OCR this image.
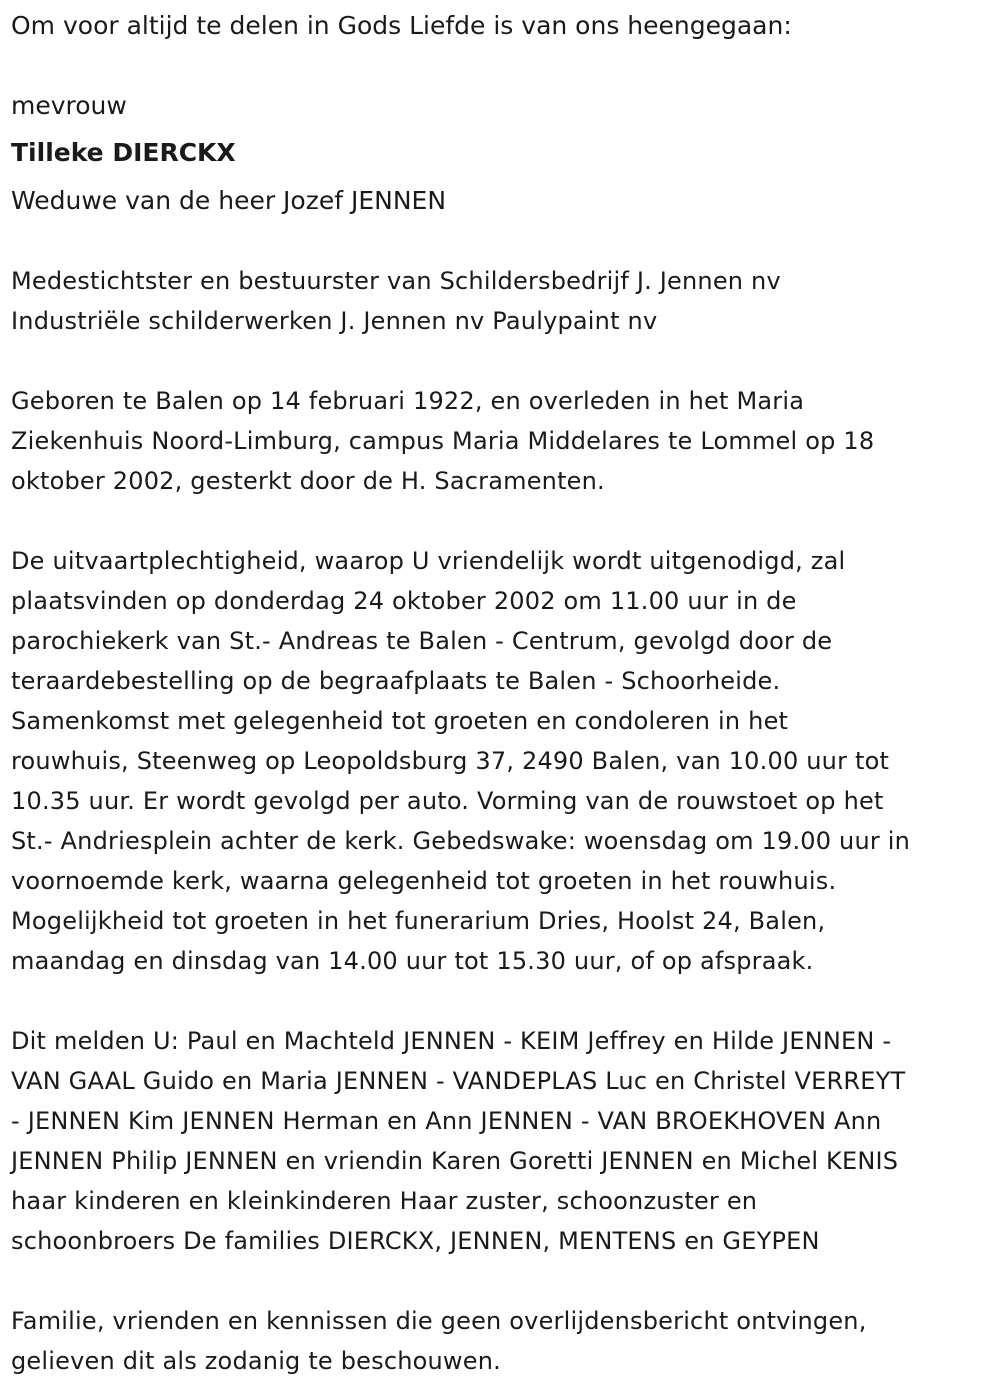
Om voor altijd te delen in Gods Liefde is van ons heengegaan:
mevrouw
Tilleke DIERCKX
Weduwe van de heer Jozef JENNEN

Medestichtster en bestuurster van Schildersbedrijf J. Jennen nv
Industriële schilderwerken J. Jennen nv Paulypaint nv

Geboren te Balen op 14 februari 1922, en overleden in het Maria
Ziekenhuis Noord-Limburg, campus Maria Middelares te Lommel op 18
oktober 2002, gesterkt door de H. Sacramenten.

De uitvaartplechtigheid, waarop U vriendelijk wordt uitgenodigd, zal
plaatsvinden op donderdag 24 oktober 2002 om 11.00 uur in de
parochiekerk van St.- Andreas te Balen - Centrum, gevolgd door de
teraardebestelling op de begraafplaats te Balen - Schoorheide.
Samenkomst met gelegenheid tot groeten en condoleren in het
rouwhuis, Steenweg op Leopoldsburg 37, 2490 Balen, van 10.00 uur tot
10.35 uur. Er wordt gevolgd per auto. Vorming van de rouwstoet op het
St.- Andriesplein achter de kerk. Gebedswake: woensdag om 19.00 uur in
voornoemde kerk, waarna gelegenheid tot groeten in het rouwhuis.
Mogelijkheid tot groeten in het funerarium Dries, Hoolst 24, Balen,
maandag en dinsdag van 14.00 uur tot 15.30 uur, of op afspraak.

Dit melden U: Paul en Machteld JENNEN - KEIM Jeffrey en Hilde JENNEN -
VAN GAAL Guido en Maria JENNEN - VANDEPLAS Luc en Christel VERREYT
- JENNEN Kim JENNEN Herman en Ann JENNEN - VAN BROEKHOVEN Ann
JENNEN Philip JENNEN en vriendin Karen Goretti JENNEN en Michel KENIS
haar kinderen en kleinkinderen Haar zuster, schoonzuster en
schoonbroers De families DIERCKX, JENNEN, MENTENS en GEYPEN

Familie, vrienden en kennissen die geen overlijdensbericht ontvingen,
gelieven dit als zodanig te beschouwen.
